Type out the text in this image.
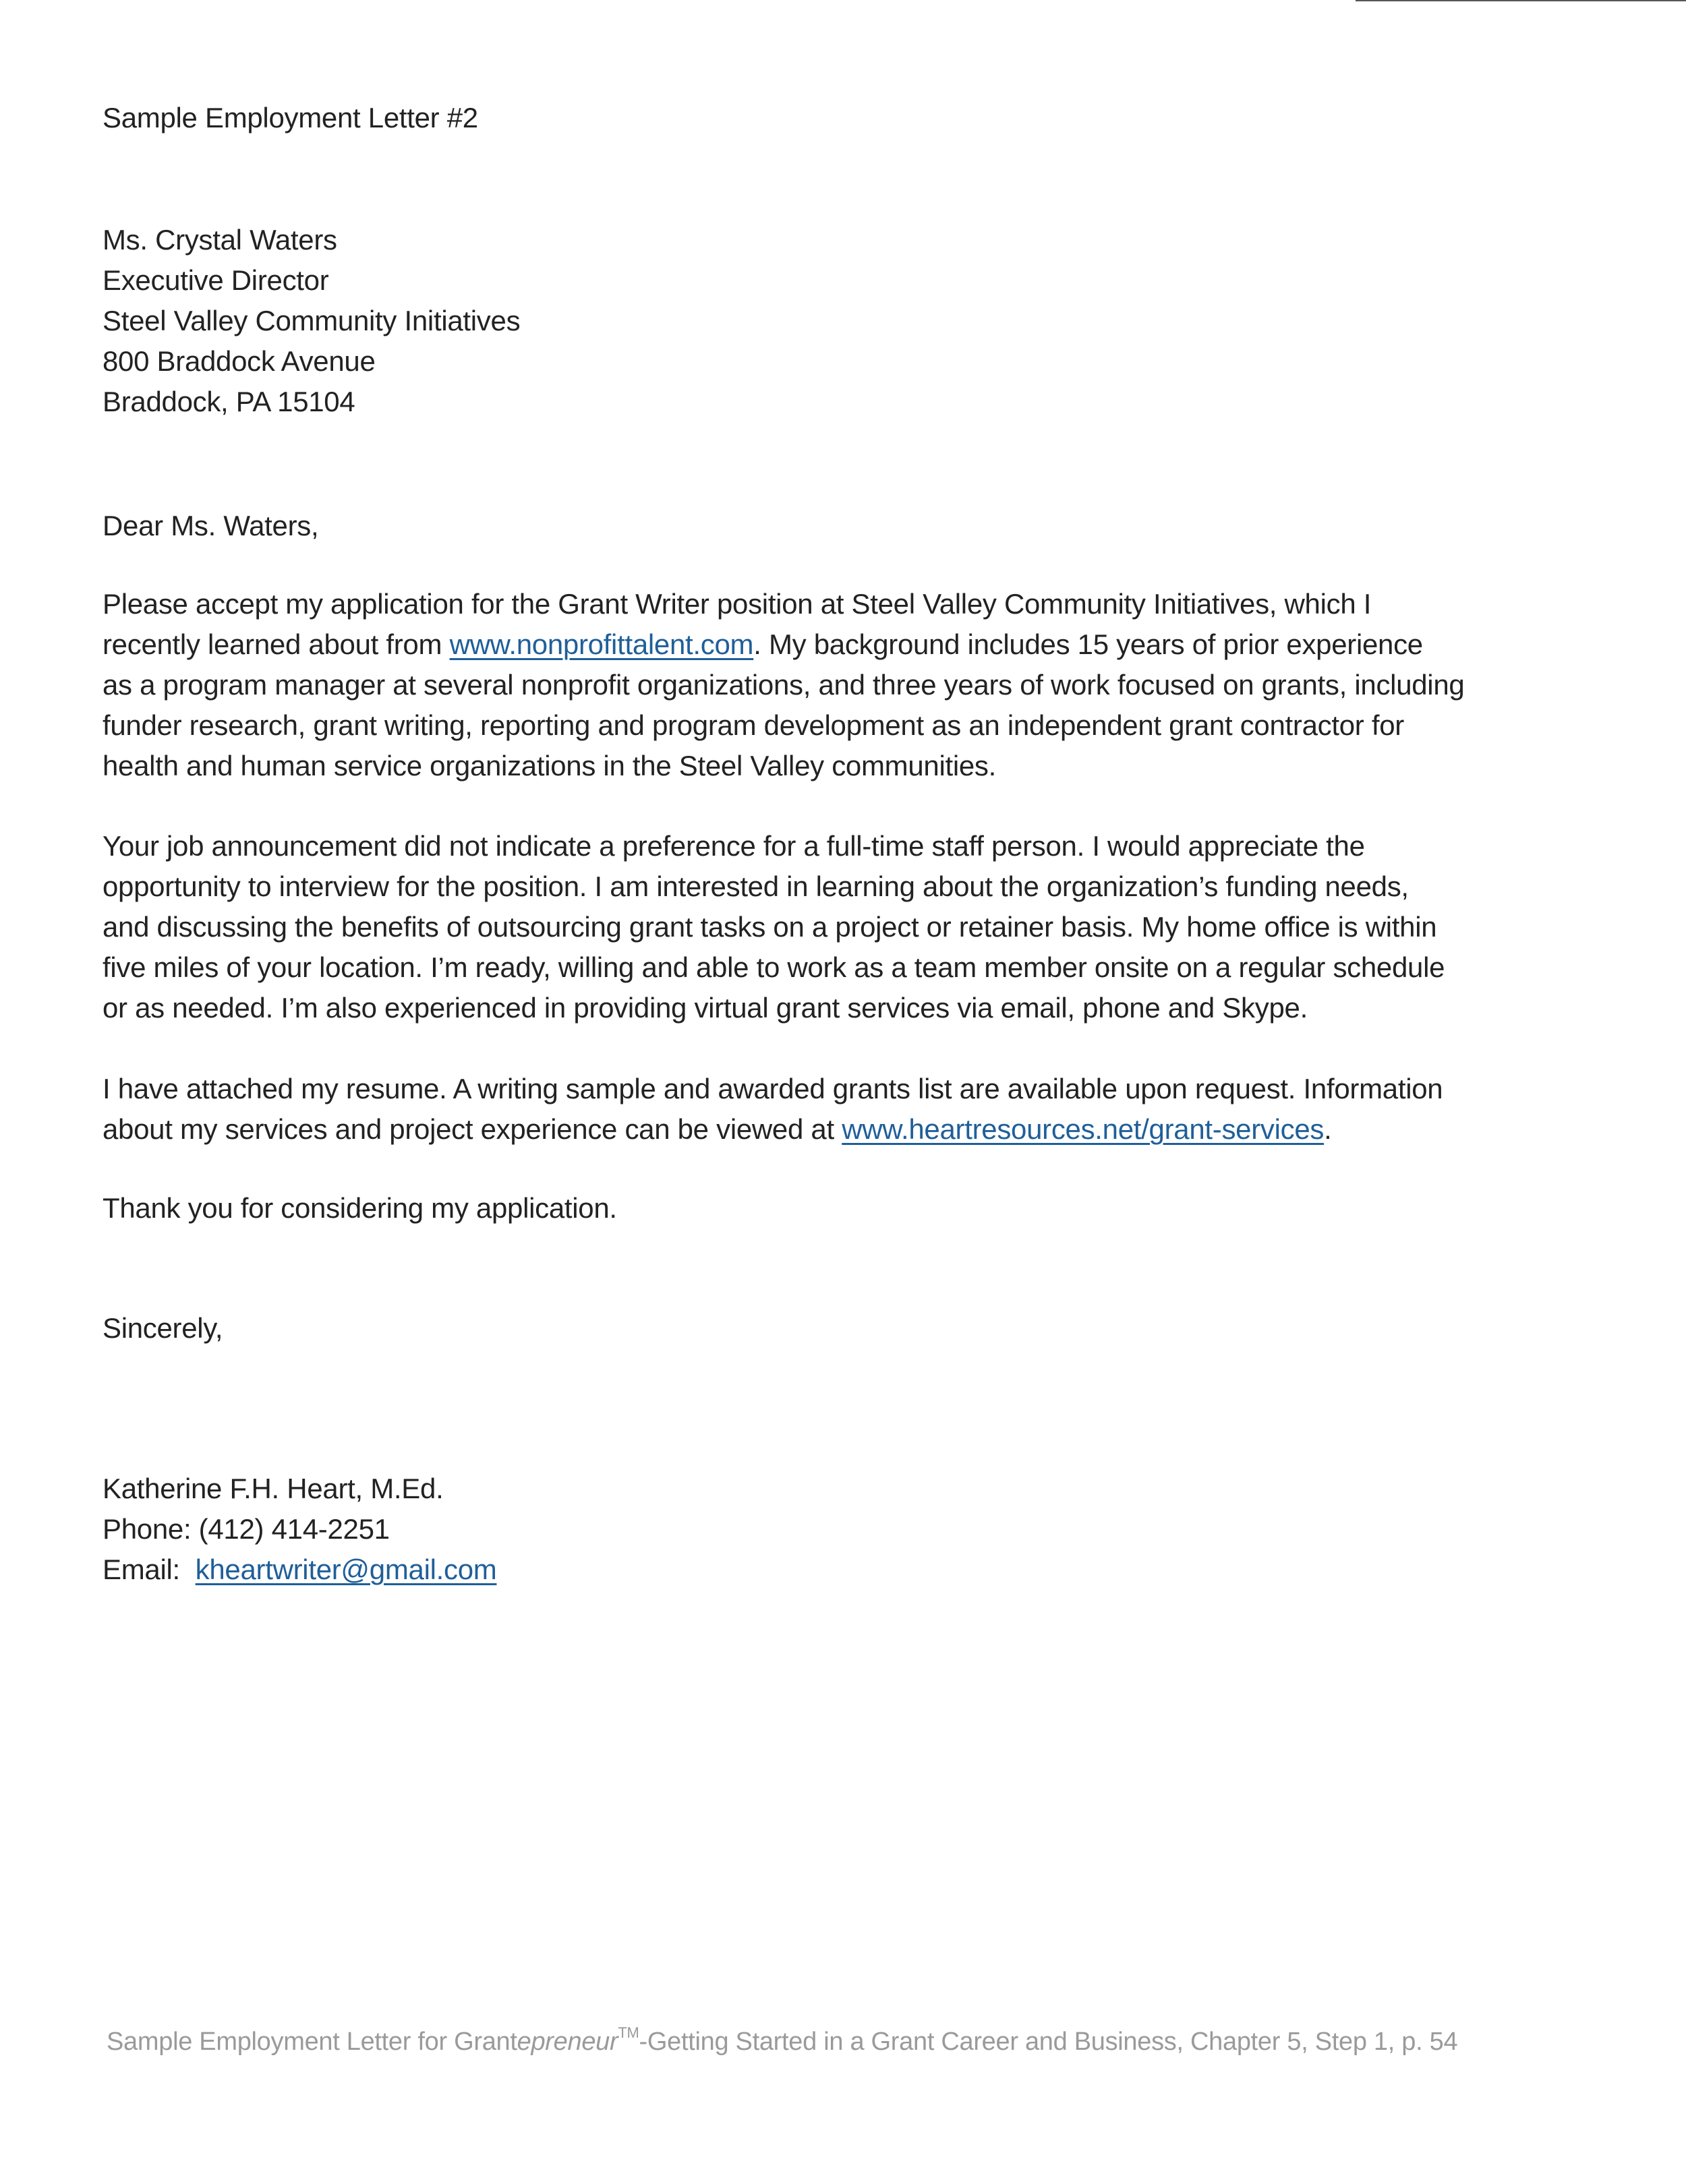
Sample Employment Letter #2
Ms. Crystal Waters
Executive Director
Steel Valley Community Initiatives
800 Braddock Avenue
Braddock, PA 15104
Dear Ms. Waters,
Please accept my application for the Grant Writer position at Steel Valley Community Initiatives, which I
recently learned about from www.nonprofittalent.com. My background includes 15 years of prior experience
as a program manager at several nonprofit organizations, and three years of work focused on grants, including
funder research, grant writing, reporting and program development as an independent grant contractor for
health and human service organizations in the Steel Valley communities.
Your job announcement did not indicate a preference for a full-time staff person. I would appreciate the
opportunity to interview for the position. I am interested in learning about the organization’s funding needs,
and discussing the benefits of outsourcing grant tasks on a project or retainer basis. My home office is within
five miles of your location. I’m ready, willing and able to work as a team member onsite on a regular schedule
or as needed. I’m also experienced in providing virtual grant services via email, phone and Skype.
I have attached my resume. A writing sample and awarded grants list are available upon request. Information
about my services and project experience can be viewed at www.heartresources.net/grant-services.
Thank you for considering my application.
Sincerely,
Katherine F.H. Heart, M.Ed.
Phone: (412) 414-2251
Email:  kheartwriter@gmail.com
Sample Employment Letter for Grantepreneur™-Getting Started in a Grant Career and Business, Chapter 5, Step 1, p. 54
